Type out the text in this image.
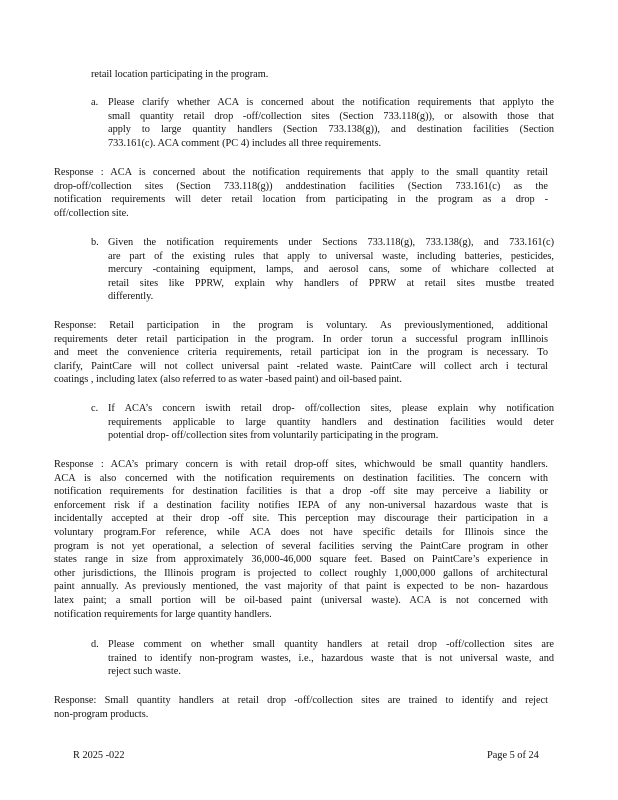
retail location participating in the program.
a. Please clarify whether ACA is concerned about the notification requirements that applyto the
small quantity retail drop -off/collection sites (Section 733.118(g)), or alsowith those that
apply to large quantity handlers (Section 733.138(g)), and destination facilities (Section
733.161(c). ACA comment (PC 4) includes all three requirements.
Response : ACA is concerned about the notification requirements that apply to the small quantity retail
drop-off/collection sites (Section 733.118(g)) anddestination facilities (Section 733.161(c) as the
notification requirements will deter retail location from participating in the program as a drop -
off/collection site.
b. Given the notification requirements under Sections 733.118(g), 733.138(g), and 733.161(c)
are part of the existing rules that apply to universal waste, including batteries, pesticides,
mercury -containing equipment, lamps, and aerosol cans, some of whichare collected at
retail sites like PPRW, explain why handlers of PPRW at retail sites mustbe treated
differently.
Response: Retail participation in the program is voluntary. As previouslymentioned, additional
requirements deter retail participation in the program. In order torun a successful program inIllinois
and meet the convenience criteria requirements, retail participat ion in the program is necessary. To
clarify, PaintCare will not collect universal paint -related waste. PaintCare will collect arch i tectural
coatings , including latex (also referred to as water -based paint) and oil-based paint.
c. If ACA’s concern iswith retail drop- off/collection sites, please explain why notification
requirements applicable to large quantity handlers and destination facilities would deter
potential drop- off/collection sites from voluntarily participating in the program.
Response : ACA’s primary concern is with retail drop-off sites, whichwould be small quantity handlers.
ACA is also concerned with the notification requirements on destination facilities. The concern with
notification requirements for destination facilities is that a drop -off site may perceive a liability or
enforcement risk if a destination facility notifies IEPA of any non-universal hazardous waste that is
incidentally accepted at their drop -off site. This perception may discourage their participation in a
voluntary program.For reference, while ACA does not have specific details for Illinois since the
program is not yet operational, a selection of several facilities serving the PaintCare program in other
states range in size from approximately 36,000-46,000 square feet. Based on PaintCare’s experience in
other jurisdictions, the Illinois program is projected to collect roughly 1,000,000 gallons of architectural
paint annually. As previously mentioned, the vast majority of that paint is expected to be non- hazardous
latex paint; a small portion will be oil-based paint (universal waste). ACA is not concerned with
notification requirements for large quantity handlers.
d. Please comment on whether small quantity handlers at retail drop -off/collection sites are
trained to identify non-program wastes, i.e., hazardous waste that is not universal waste, and
reject such waste.
Response: Small quantity handlers at retail drop -off/collection sites are trained to identify and reject
non-program products.
R 2025 -022	Page 5 of 24
